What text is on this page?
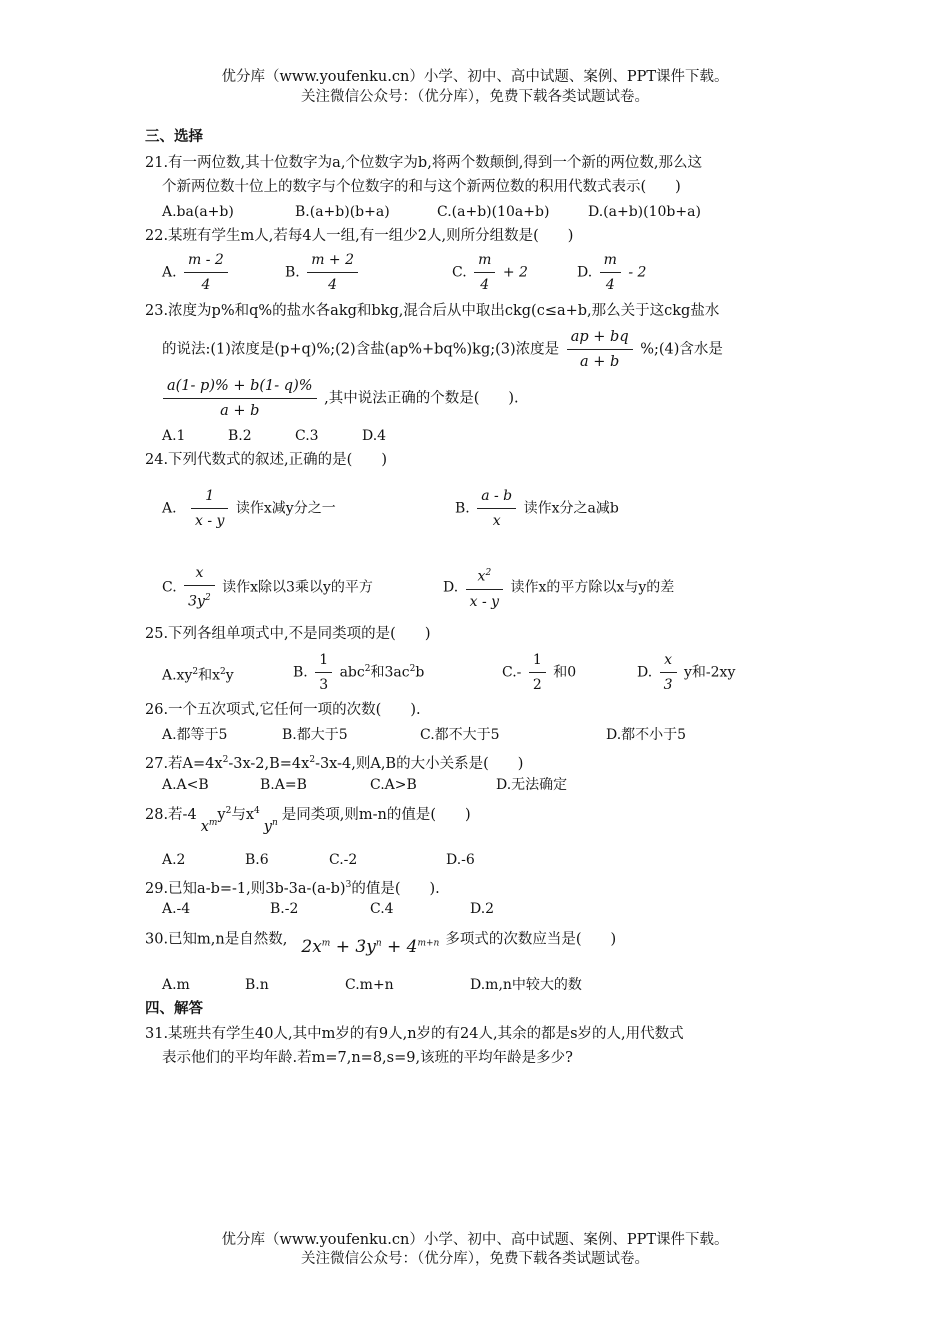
优分库（www.youfenku.cn）小学、初中、高中试题、案例、PPT课件下载。
关注微信公众号：（优分库），免费下载各类试题试卷。
三、选择
21.有一两位数,其十位数字为a,个位数字为b,将两个数颠倒,得到一个新的两位数,那么这
个新两位数十位上的数字与个位数字的和与这个新两位数的积用代数式表示(　　)
A.ba(a+b)	B.(a+b)(b+a)	C.(a+b)(10a+b)	D.(a+b)(10b+a)
22.某班有学生m人,若每4人一组,有一组少2人,则所分组数是(　　)
A. $\frac{m - 2}{4}$	B. $\frac{m + 2}{4}$	C. $\frac{m}{4} + 2$	D. $\frac{m}{4} - 2$
23.浓度为p%和q%的盐水各akg和bkg,混合后从中取出ckg(c≤a+b,那么关于这ckg盐水
的说法:(1)浓度是(p+q)%;(2)含盐(ap%+bq%)kg;(3)浓度是 $\frac{ap + bq}{a + b}$ %;(4)含水是
$\frac{a(1- p)\% + b(1- q)\%}{a + b}$ ,其中说法正确的个数是(　　).
A.1	B.2	C.3	D.4
24.下列代数式的叙述,正确的是(　　)
A. $\frac{1}{x - y}$ 读作x减y分之一	B. $\frac{a - b}{x}$ 读作x分之a减b
C. $\frac{x}{3y^2}$ 读作x除以3乘以y的平方	D. $\frac{x^2}{x - y}$ 读作x的平方除以x与y的差
25.下列各组单项式中,不是同类项的是(　　)
$A.xy^2$和$x^2y$	B. $\frac{1}{3} abc^2$和$3ac^2b$	$C.- \frac{1}{2}$ 和0	D. $\frac{x}{3}$ y和-2xy
26.一个五次项式,它任何一项的次数(　　).
A.都等于5	B.都大于5	C.都不大于5	D.都不小于5
27.若$A=4x^2-3x-2,B=4x^2-3x-4$,则A,B的大小关系是(　　)
A.A<B	B.A=B	C.A>B	D.无法确定
28.若$-4x^my^2$与$x^4y^n$是同类项,则m-n的值是(　　)
A.2	B.6	C.-2	D.-6
29.已知a-b=-1,则$3b-3a-(a-b)^3$的值是(　　).
A.-4	B.-2	C.4	D.2
30.已知m,n是自然数, $2x^m + 3y^n + 4^{m+n}$ 多项式的次数应当是(　　)
A.m	B.n	C.m+n	D.m,n中较大的数
四、解答
31.某班共有学生40人,其中m岁的有9人,n岁的有24人,其余的都是s岁的人,用代数式
表示他们的平均年龄.若m=7,n=8,s=9,该班的平均年龄是多少?
优分库（www.youfenku.cn）小学、初中、高中试题、案例、PPT课件下载。
关注微信公众号：（优分库），免费下载各类试题试卷。
